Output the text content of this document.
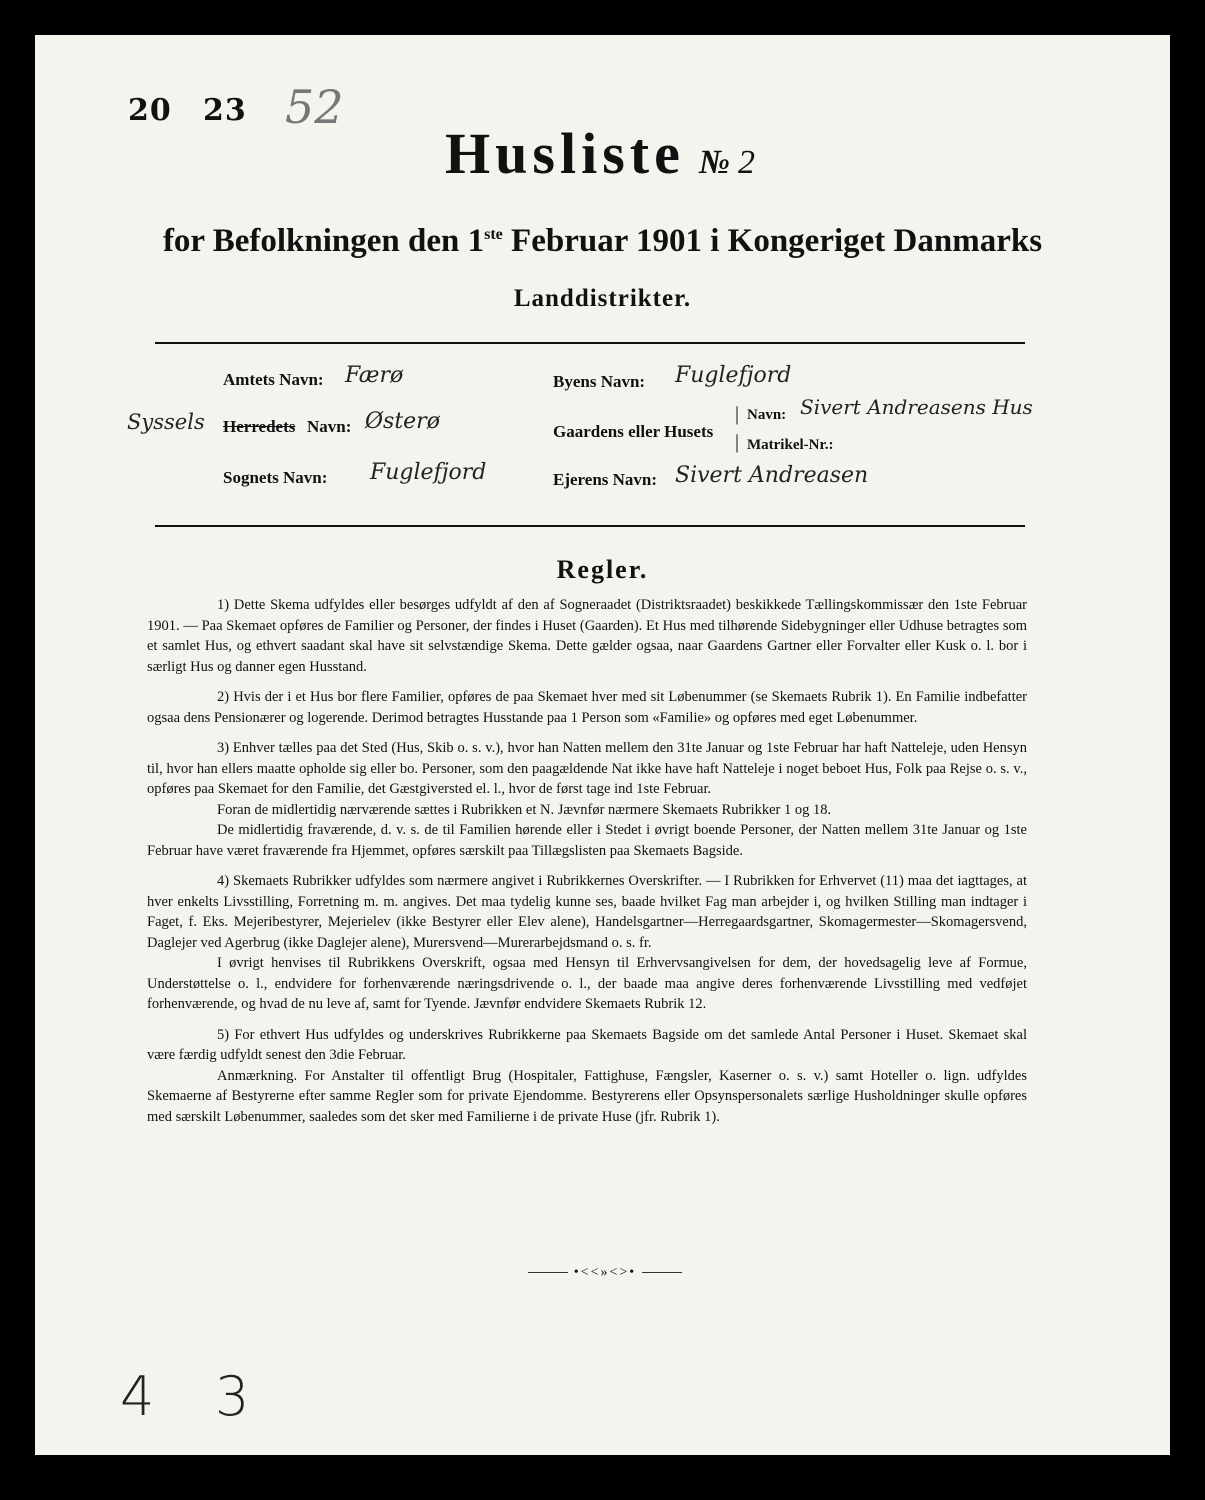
20 23 52
Husliste № 2
for Befolkningen den 1ste Februar 1901 i Kongeriget Danmarks
Landdistrikter.
Amtets Navn: Færø
Syssels Herredets Navn: Østerø
Sognets Navn: Fuglefjord
Byens Navn: Fuglefjord
Gaardens eller Husets
|
|
Navn: Sivert Andreasens Hus
Matrikel-Nr.:
Ejerens Navn: Sivert Andreasen
Regler.

1) Dette Skema udfyldes eller besørges udfyldt af den af Sogneraadet (Distriktsraadet) beskikkede Tællingskommissær den 1ste Februar 1901. — Paa Skemaet opføres de Familier og Personer, der findes i Huset (Gaarden). Et Hus med tilhørende Sidebygninger eller Udhuse betragtes som et samlet Hus, og ethvert saadant skal have sit selvstændige Skema. Dette gælder ogsaa, naar Gaardens Gartner eller Forvalter eller Kusk o. l. bor i særligt Hus og danner egen Husstand.

2) Hvis der i et Hus bor flere Familier, opføres de paa Skemaet hver med sit Løbenummer (se Skemaets Rubrik 1). En Familie indbefatter ogsaa dens Pensionærer og logerende. Derimod betragtes Husstande paa 1 Person som «Familie» og opføres med eget Løbenummer.

3) Enhver tælles paa det Sted (Hus, Skib o. s. v.), hvor han Natten mellem den 31te Januar og 1ste Februar har haft Natteleje, uden Hensyn til, hvor han ellers maatte opholde sig eller bo. Personer, som den paagældende Nat ikke have haft Natteleje i noget beboet Hus, Folk paa Rejse o. s. v., opføres paa Skemaet for den Familie, det Gæstgiversted el. l., hvor de først tage ind 1ste Februar.

Foran de midlertidig nærværende sættes i Rubrikken et N. Jævnfør nærmere Skemaets Rubrikker 1 og 18.

De midlertidig fraværende, d. v. s. de til Familien hørende eller i Stedet i øvrigt boende Personer, der Natten mellem 31te Januar og 1ste Februar have været fraværende fra Hjemmet, opføres særskilt paa Tillægslisten paa Skemaets Bagside.

4) Skemaets Rubrikker udfyldes som nærmere angivet i Rubrikkernes Overskrifter. — I Rubrikken for Erhvervet (11) maa det iagttages, at hver enkelts Livsstilling, Forretning m. m. angives. Det maa tydelig kunne ses, baade hvilket Fag man arbejder i, og hvilken Stilling man indtager i Faget, f. Eks. Mejeribestyrer, Mejerielev (ikke Bestyrer eller Elev alene), Handelsgartner—Herregaardsgartner, Skomagermester—Skomagersvend, Daglejer ved Agerbrug (ikke Daglejer alene), Murersvend—Murerarbejdsmand o. s. fr.

I øvrigt henvises til Rubrikkens Overskrift, ogsaa med Hensyn til Erhvervsangivelsen for dem, der hovedsagelig leve af Formue, Understøttelse o. l., endvidere for forhenværende næringsdrivende o. l., der baade maa angive deres forhenværende Livsstilling med vedføjet forhenværende, og hvad de nu leve af, samt for Tyende. Jævnfør endvidere Skemaets Rubrik 12.

5) For ethvert Hus udfyldes og underskrives Rubrikkerne paa Skemaets Bagside om det samlede Antal Personer i Huset. Skemaet skal være færdig udfyldt senest den 3die Februar.

Anmærkning. For Anstalter til offentligt Brug (Hospitaler, Fattighuse, Fængsler, Kaserner o. s. v.) samt Hoteller o. lign. udfyldes Skemaerne af Bestyrerne efter samme Regler som for private Ejendomme. Bestyrerens eller Opsynspersonalets særlige Husholdninger skulle opføres med særskilt Løbenummer, saaledes som det sker med Familierne i de private Huse (jfr. Rubrik 1).

•<<»<>•
4 3
